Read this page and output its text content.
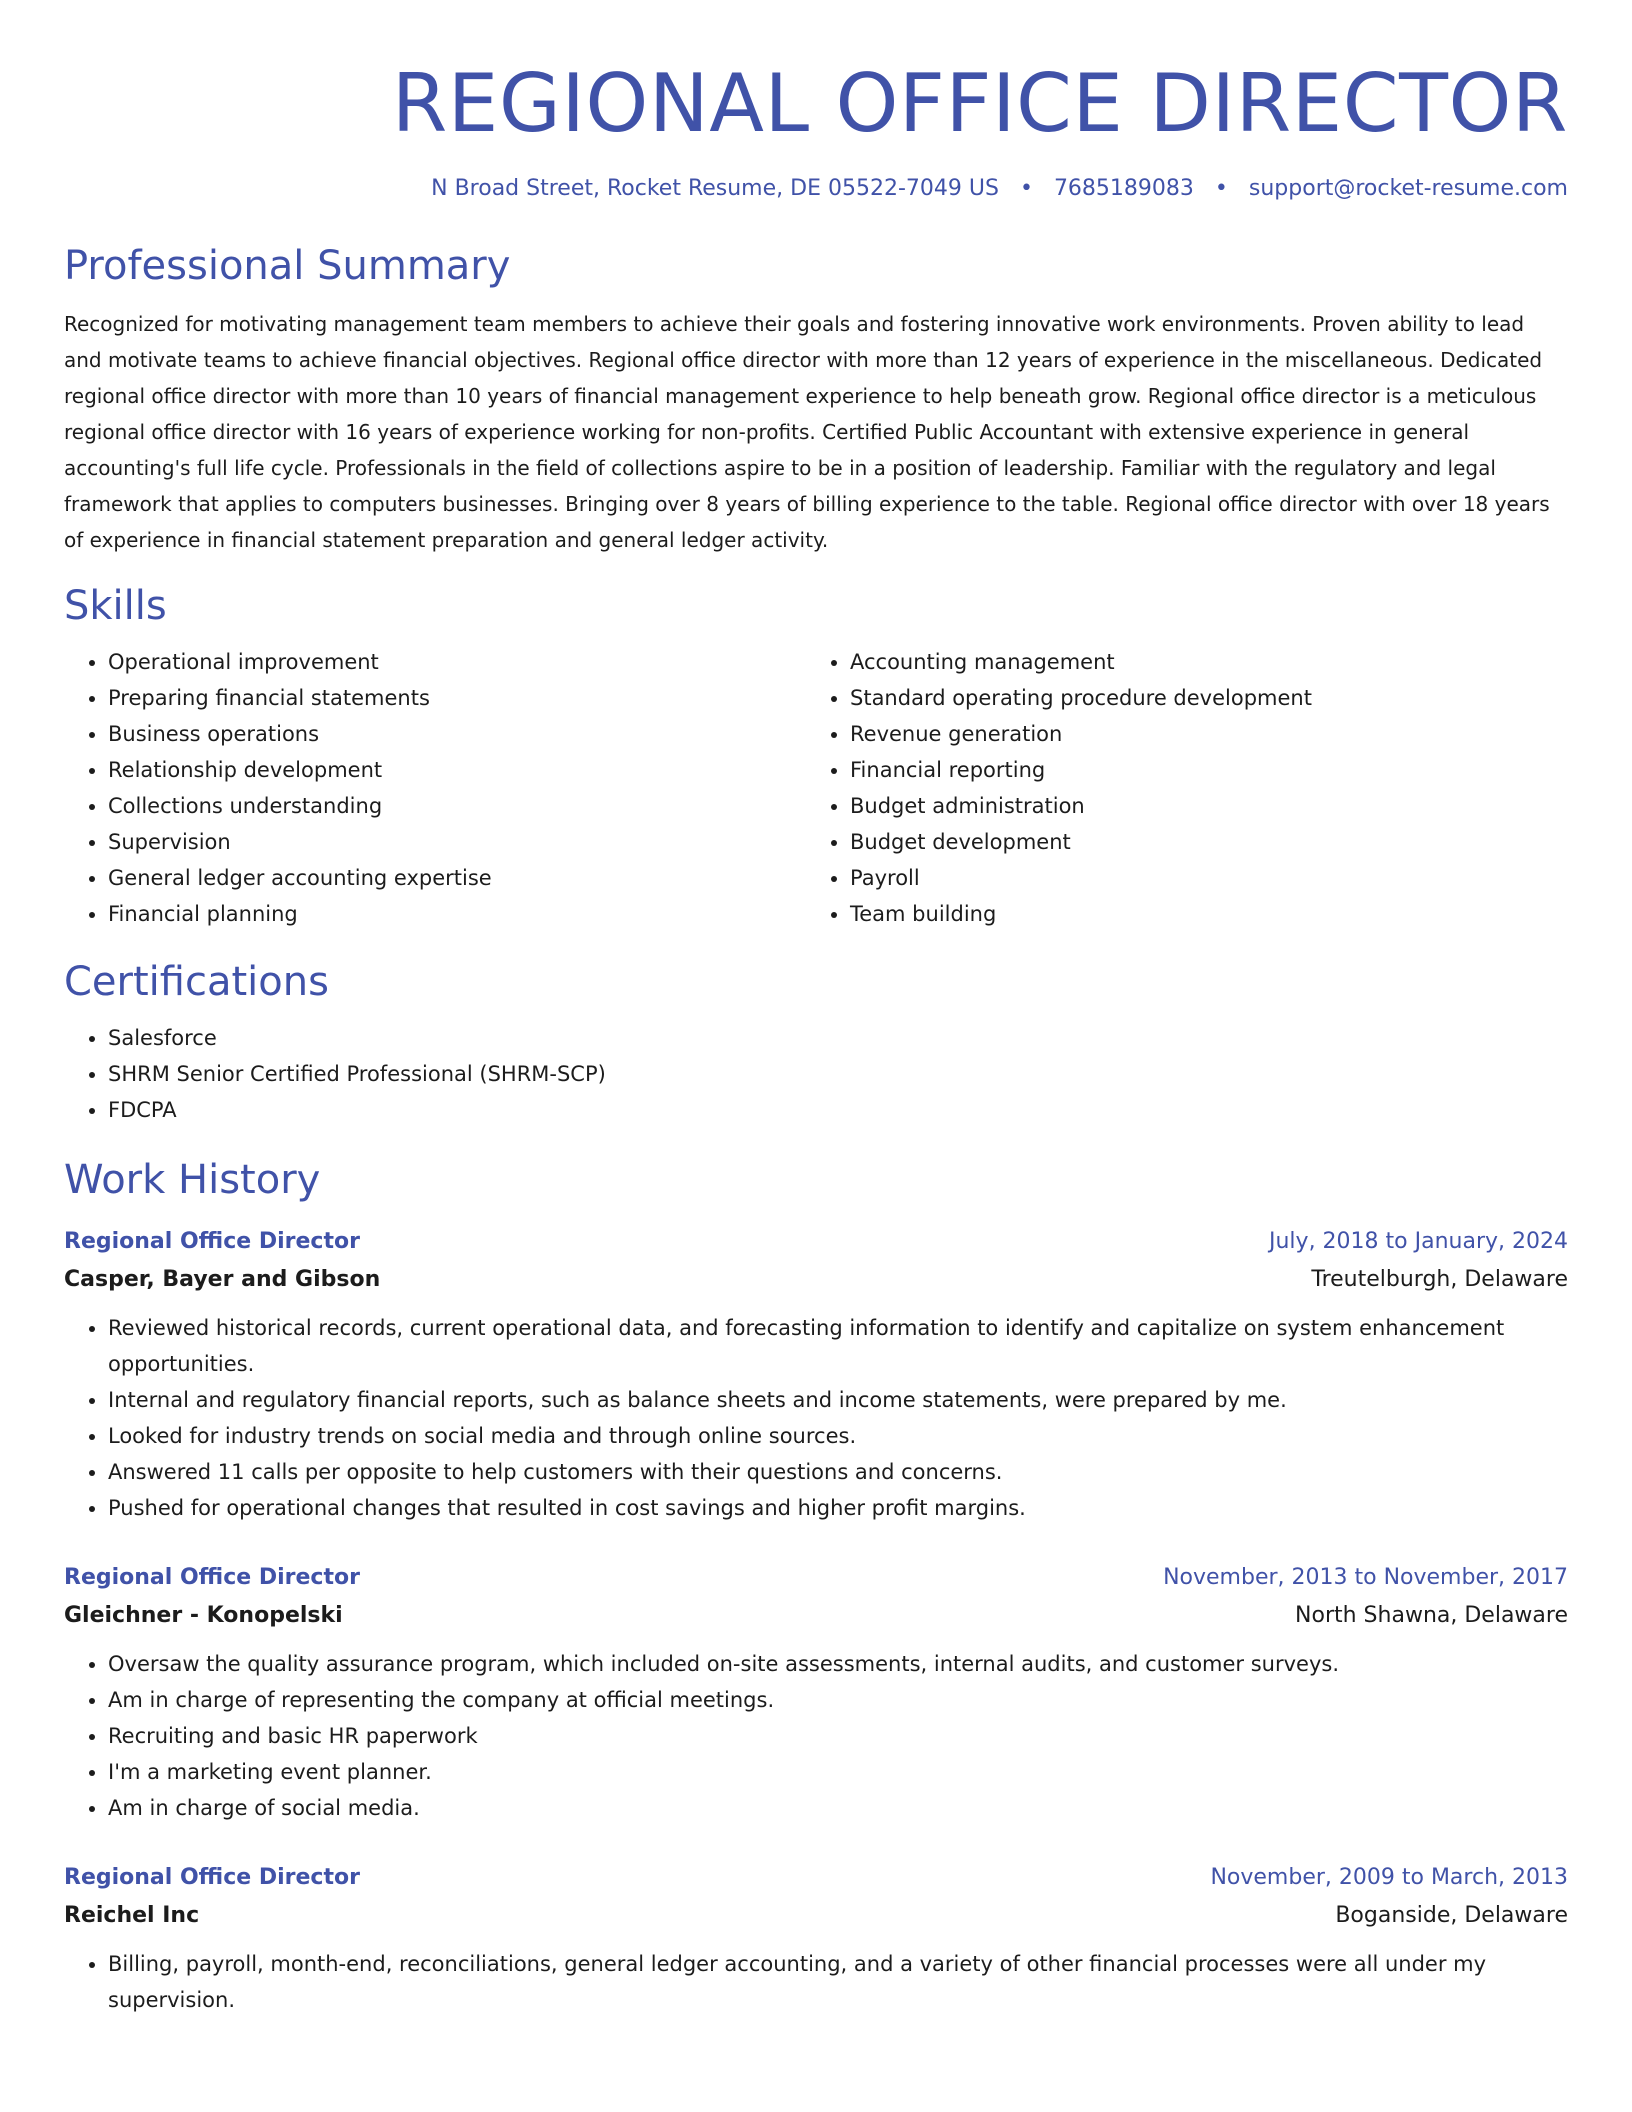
REGIONAL OFFICE DIRECTOR
N Broad Street, Rocket Resume, DE 05522-7049 US • 7685189083 • support@rocket-resume.com
Professional Summary
Recognized for motivating management team members to achieve their goals and fostering innovative work environments. Proven ability to lead and motivate teams to achieve financial objectives. Regional office director with more than 12 years of experience in the miscellaneous. Dedicated regional office director with more than 10 years of financial management experience to help beneath grow. Regional office director is a meticulous regional office director with 16 years of experience working for non-profits. Certified Public Accountant with extensive experience in general accounting's full life cycle. Professionals in the field of collections aspire to be in a position of leadership. Familiar with the regulatory and legal framework that applies to computers businesses. Bringing over 8 years of billing experience to the table. Regional office director with over 18 years of experience in financial statement preparation and general ledger activity.
Skills
• Operational improvement
• Preparing financial statements
• Business operations
• Relationship development
• Collections understanding
• Supervision
• General ledger accounting expertise
• Financial planning
• Accounting management
• Standard operating procedure development
• Revenue generation
• Financial reporting
• Budget administration
• Budget development
• Payroll
• Team building
Certifications
• Salesforce
• SHRM Senior Certified Professional (SHRM-SCP)
• FDCPA
Work History
Regional Office Director	July, 2018 to January, 2024
Casper, Bayer and Gibson	Treutelburgh, Delaware
• Reviewed historical records, current operational data, and forecasting information to identify and capitalize on system enhancement opportunities.
• Internal and regulatory financial reports, such as balance sheets and income statements, were prepared by me.
• Looked for industry trends on social media and through online sources.
• Answered 11 calls per opposite to help customers with their questions and concerns.
• Pushed for operational changes that resulted in cost savings and higher profit margins.
Regional Office Director	November, 2013 to November, 2017
Gleichner - Konopelski	North Shawna, Delaware
• Oversaw the quality assurance program, which included on-site assessments, internal audits, and customer surveys.
• Am in charge of representing the company at official meetings.
• Recruiting and basic HR paperwork
• I'm a marketing event planner.
• Am in charge of social media.
Regional Office Director	November, 2009 to March, 2013
Reichel Inc	Boganside, Delaware
• Billing, payroll, month-end, reconciliations, general ledger accounting, and a variety of other financial processes were all under my supervision.
